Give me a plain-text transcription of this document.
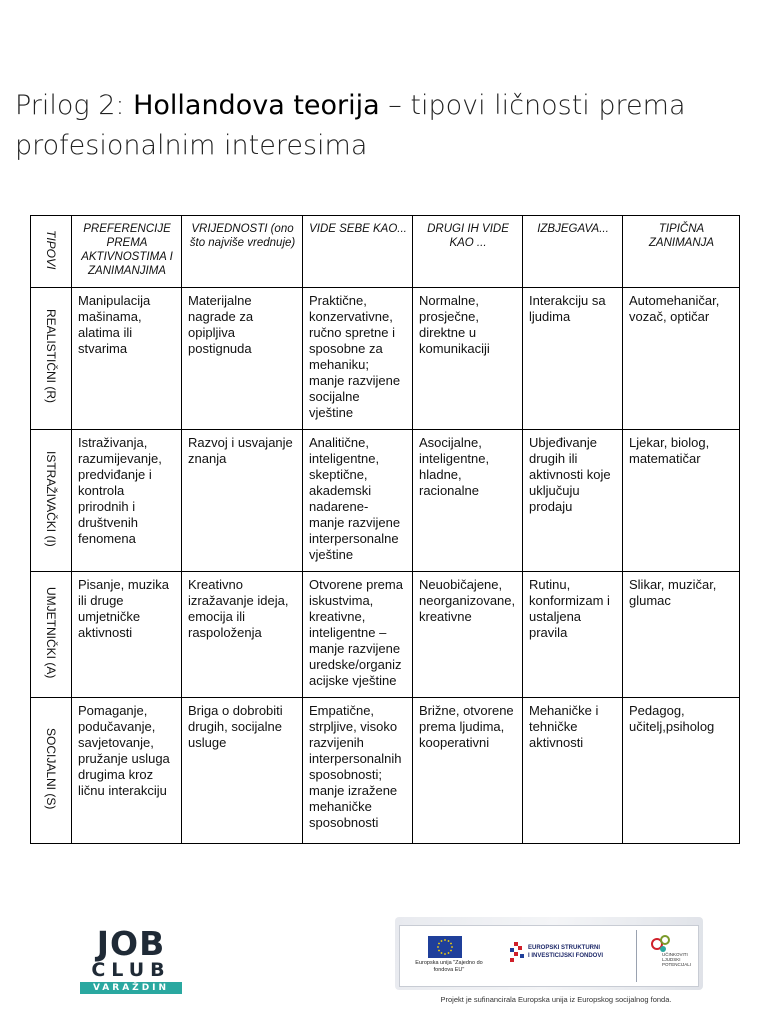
Prilog 2: Hollandova teorija – tipovi ličnosti prema profesionalnim interesima
TIPOVI	PREFERENCIJE PREMA AKTIVNOSTIMA I ZANIMANJIMA	VRIJEDNOSTI (ono što najviše vrednuje)	VIDE SEBE KAO...	DRUGI IH VIDE KAO ...	IZBJEGAVA...	TIPIČNA ZANIMANJA
REALISTIČNI (R)	Manipulacija mašinama, alatima ili stvarima	Materijalne nagrade za opipljiva postignuda	Praktične, konzervativne, ručno spretne i sposobne za mehaniku; manje razvijene socijalne vještine	Normalne, prosječne, direktne u komunikaciji	Interakciju sa ljudima	Automehaničar, vozač, optičar
ISTRAŽIVAČKI (I)	Istraživanja, razumijevanje, predviđanje i kontrola prirodnih i društvenih fenomena	Razvoj i usvajanje znanja	Analitične, inteligentne, skeptične, akademski nadarene- manje razvijene interpersonalne vještine	Asocijalne, inteligentne, hladne, racionalne	Ubjeđivanje drugih ili aktivnosti koje uključuju prodaju	Ljekar, biolog, matematičar
UMJETNIČKI (A)	Pisanje, muzika ili druge umjetničke aktivnosti	Kreativno izražavanje ideja, emocija ili raspoloženja	Otvorene prema iskustvima, kreativne, inteligentne – manje razvijene uredske/organiz acijske vještine	Neuobičajene, neorganizovane, kreativne	Rutinu, konformizam i ustaljena pravila	Slikar, muzičar, glumac
SOCIJALNI (S)	Pomaganje, podučavanje, savjetovanje, pružanje usluga drugima kroz ličnu interakciju	Briga o dobrobiti drugih, socijalne usluge	Empatične, strpljive, visoko razvijenih interpersonalnih sposobnosti; manje izražene mehaničke sposobnosti	Brižne, otvorene prema ljudima, kooperativni	Mehaničke i tehničke aktivnosti	Pedagog, učitelj,psiholog
JOB
CLUB
VARAŽDIN
Europska unija "Zajedno do fondova EU"
EUROPSKI STRUKTURNI
I INVESTICIJSKI FONDOVI	UČINKOVITI LJUDSKI POTENCIJALI
Projekt je sufinancirala Europska unija iz Europskog socijalnog fonda.
